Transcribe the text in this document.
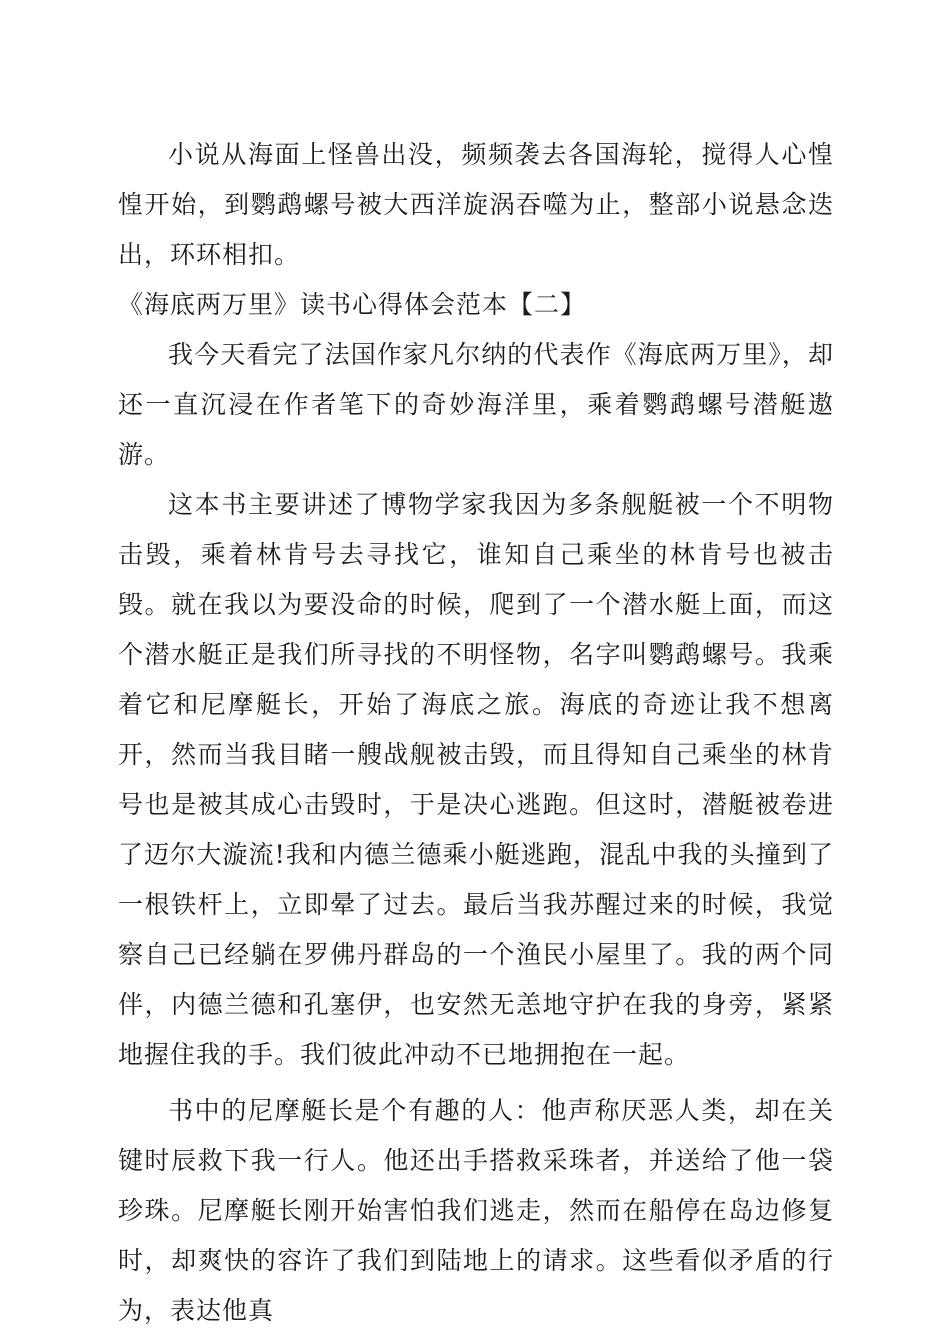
小说从海面上怪兽出没，频频袭去各国海轮，搅得人心惶惶开始，到鹦鹉螺号被大西洋旋涡吞噬为止，整部小说悬念迭出，环环相扣。

《海底两万里》读书心得体会范本【二】

我今天看完了法国作家凡尔纳的代表作《海底两万里》，却还一直沉浸在作者笔下的奇妙海洋里，乘着鹦鹉螺号潜艇遨游。

这本书主要讲述了博物学家我因为多条舰艇被一个不明物击毁，乘着林肯号去寻找它，谁知自己乘坐的林肯号也被击毁。就在我以为要没命的时候，爬到了一个潜水艇上面，而这个潜水艇正是我们所寻找的不明怪物，名字叫鹦鹉螺号。我乘着它和尼摩艇长，开始了海底之旅。海底的奇迹让我不想离开，然而当我目睹一艘战舰被击毁，而且得知自己乘坐的林肯号也是被其成心击毁时，于是决心逃跑。但这时，潜艇被卷进了迈尔大漩流!我和内德兰德乘小艇逃跑，混乱中我的头撞到了一根铁杆上，立即晕了过去。最后当我苏醒过来的时候，我觉察自己已经躺在罗佛丹群岛的一个渔民小屋里了。我的两个同伴，内德兰德和孔塞伊，也安然无恙地守护在我的身旁，紧紧地握住我的手。我们彼此冲动不已地拥抱在一起。

书中的尼摩艇长是个有趣的人：他声称厌恶人类，却在关键时辰救下我一行人。他还出手搭救采珠者，并送给了他一袋珍珠。尼摩艇长刚开始害怕我们逃走，然而在船停在岛边修复时，却爽快的容许了我们到陆地上的请求。这些看似矛盾的行为，表达他真
